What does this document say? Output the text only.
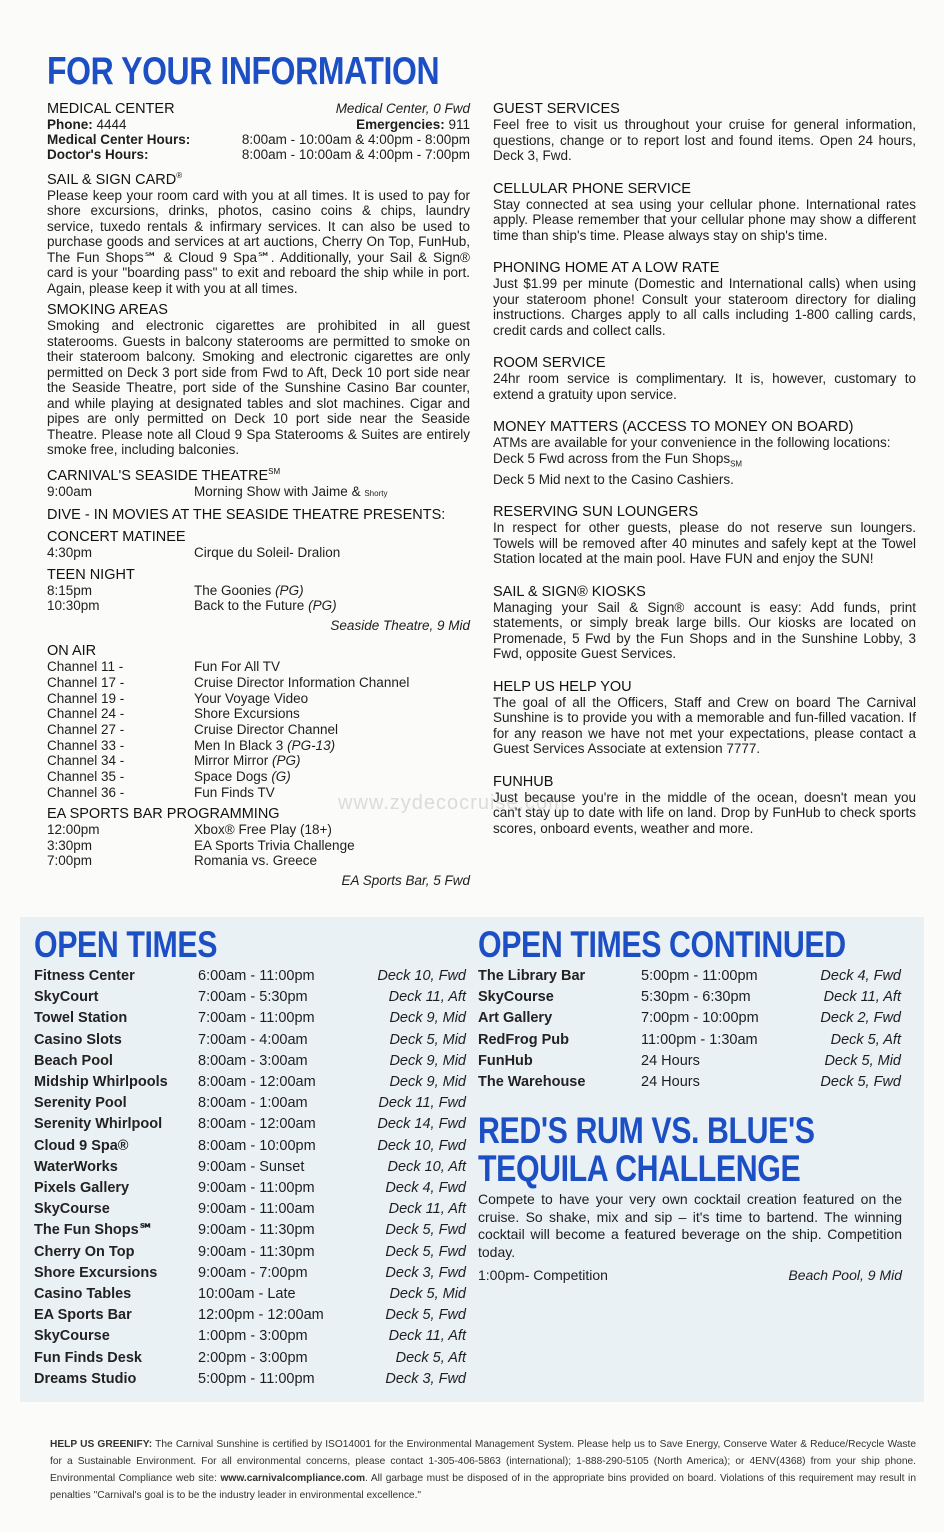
FOR YOUR INFORMATION
MEDICAL CENTER	Medical Center, 0 Fwd
Phone: 4444	Emergencies: 911
Medical Center Hours:	8:00am - 10:00am & 4:00pm - 8:00pm
Doctor's Hours:	8:00am - 10:00am & 4:00pm - 7:00pm
SAIL & SIGN CARD®

Please keep your room card with you at all times. It is used to pay for shore excursions, drinks, photos, casino coins & chips, laundry service, tuxedo rentals & infirmary services. It can also be used to purchase goods and services at art auctions, Cherry On Top, FunHub, The Fun Shops℠ & Cloud 9 Spa℠. Additionally, your Sail & Sign® card is your "boarding pass" to exit and reboard the ship while in port. Again, please keep it with you at all times.

SMOKING AREAS

Smoking and electronic cigarettes are prohibited in all guest staterooms. Guests in balcony staterooms are permitted to smoke on their stateroom balcony. Smoking and electronic cigarettes are only permitted on Deck 3 port side from Fwd to Aft, Deck 10 port side near the Seaside Theatre, port side of the Sunshine Casino Bar counter, and while playing at designated tables and slot machines. Cigar and pipes are only permitted on Deck 10 port side near the Seaside Theatre. Please note all Cloud 9 Spa Staterooms & Suites are entirely smoke free, including balconies.

CARNIVAL'S SEASIDE THEATRE℠
9:00am	Morning Show with Jaime & Shorty
DIVE - IN MOVIES AT THE SEASIDE THEATRE PRESENTS:
CONCERT MATINEE
4:30pm	Cirque du Soleil- Dralion
TEEN NIGHT
8:15pm	The Goonies (PG)
10:30pm	Back to the Future (PG)
Seaside Theatre, 9 Mid
ON AIR
Channel 11 -	Fun For All TV
Channel 17 -	Cruise Director Information Channel
Channel 19 -	Your Voyage Video
Channel 24 -	Shore Excursions
Channel 27 -	Cruise Director Channel
Channel 33 -	Men In Black 3 (PG-13)
Channel 34 -	Mirror Mirror (PG)
Channel 35 -	Space Dogs (G)
Channel 36 -	Fun Finds TV
EA SPORTS BAR PROGRAMMING
12:00pm	Xbox® Free Play (18+)
3:30pm	EA Sports Trivia Challenge
7:00pm	Romania vs. Greece
EA Sports Bar, 5 Fwd
GUEST SERVICES

Feel free to visit us throughout your cruise for general information, questions, change or to report lost and found items. Open 24 hours, Deck 3, Fwd.

CELLULAR PHONE SERVICE

Stay connected at sea using your cellular phone. International rates apply. Please remember that your cellular phone may show a different time than ship's time. Please always stay on ship's time.

PHONING HOME AT A LOW RATE

Just $1.99 per minute (Domestic and International calls) when using your stateroom phone! Consult your stateroom directory for dialing instructions. Charges apply to all calls including 1-800 calling cards, credit cards and collect calls.

ROOM SERVICE

24hr room service is complimentary. It is, however, customary to extend a gratuity upon service.

MONEY MATTERS (ACCESS TO MONEY ON BOARD)

ATMs are available for your convenience in the following locations:

Deck 5 Fwd across from the Fun Shops$_{SM}$

Deck 5 Mid next to the Casino Cashiers.

RESERVING SUN LOUNGERS

In respect for other guests, please do not reserve sun loungers. Towels will be removed after 40 minutes and safely kept at the Towel Station located at the main pool. Have FUN and enjoy the SUN!

SAIL & SIGN® KIOSKS

Managing your Sail & Sign® account is easy: Add funds, print statements, or simply break large bills. Our kiosks are located on Promenade, 5 Fwd by the Fun Shops and in the Sunshine Lobby, 3 Fwd, opposite Guest Services.

HELP US HELP YOU

The goal of all the Officers, Staff and Crew on board The Carnival Sunshine is to provide you with a memorable and fun-filled vacation. If for any reason we have not met your expectations, please contact a Guest Services Associate at extension 7777.

FUNHUB

Just because you're in the middle of the ocean, doesn't mean you can't stay up to date with life on land. Drop by FunHub to check sports scores, onboard events, weather and more.

www.zydecocruise.com
OPEN TIMES	OPEN TIMES CONTINUED
Fitness Center	6:00am - 11:00pm	Deck 10, Fwd
SkyCourt	7:00am - 5:30pm	Deck 11, Aft
Towel Station	7:00am - 11:00pm	Deck 9, Mid
Casino Slots	7:00am - 4:00am	Deck 5, Mid
Beach Pool	8:00am - 3:00am	Deck 9, Mid
Midship Whirlpools	8:00am - 12:00am	Deck 9, Mid
Serenity Pool	8:00am - 1:00am	Deck 11, Fwd
Serenity Whirlpool	8:00am - 12:00am	Deck 14, Fwd
Cloud 9 Spa®	8:00am - 10:00pm	Deck 10, Fwd
WaterWorks	9:00am - Sunset	Deck 10, Aft
Pixels Gallery	9:00am - 11:00pm	Deck 4, Fwd
SkyCourse	9:00am - 11:00am	Deck 11, Aft
The Fun Shops℠	9:00am - 11:30pm	Deck 5, Fwd
Cherry On Top	9:00am - 11:30pm	Deck 5, Fwd
Shore Excursions	9:00am - 7:00pm	Deck 3, Fwd
Casino Tables	10:00am - Late	Deck 5, Mid
EA Sports Bar	12:00pm - 12:00am	Deck 5, Fwd
SkyCourse	1:00pm - 3:00pm	Deck 11, Aft
Fun Finds Desk	2:00pm - 3:00pm	Deck 5, Aft
Dreams Studio	5:00pm - 11:00pm	Deck 3, Fwd
The Library Bar	5:00pm - 11:00pm	Deck 4, Fwd
SkyCourse	5:30pm - 6:30pm	Deck 11, Aft
Art Gallery	7:00pm - 10:00pm	Deck 2, Fwd
RedFrog Pub	11:00pm - 1:30am	Deck 5, Aft
FunHub	24 Hours	Deck 5, Mid
The Warehouse	24 Hours	Deck 5, Fwd
RED'S RUM VS. BLUE'S TEQUILA CHALLENGE

Compete to have your very own cocktail creation featured on the cruise. So shake, mix and sip – it's time to bartend. The winning cocktail will become a featured beverage on the ship. Competition today.

1:00pm- Competition	Beach Pool, 9 Mid
HELP US GREENIFY: The Carnival Sunshine is certified by ISO14001 for the Environmental Management System. Please help us to Save Energy, Conserve Water & Reduce/Recycle Waste for a Sustainable Environment. For all environmental concerns, please contact 1-305-406-5863 (international); 1-888-290-5105 (North America); or 4ENV(4368) from your ship phone. Environmental Compliance web site: www.carnivalcompliance.com. All garbage must be disposed of in the appropriate bins provided on board. Violations of this requirement may result in penalties "Carnival's goal is to be the industry leader in environmental excellence."
